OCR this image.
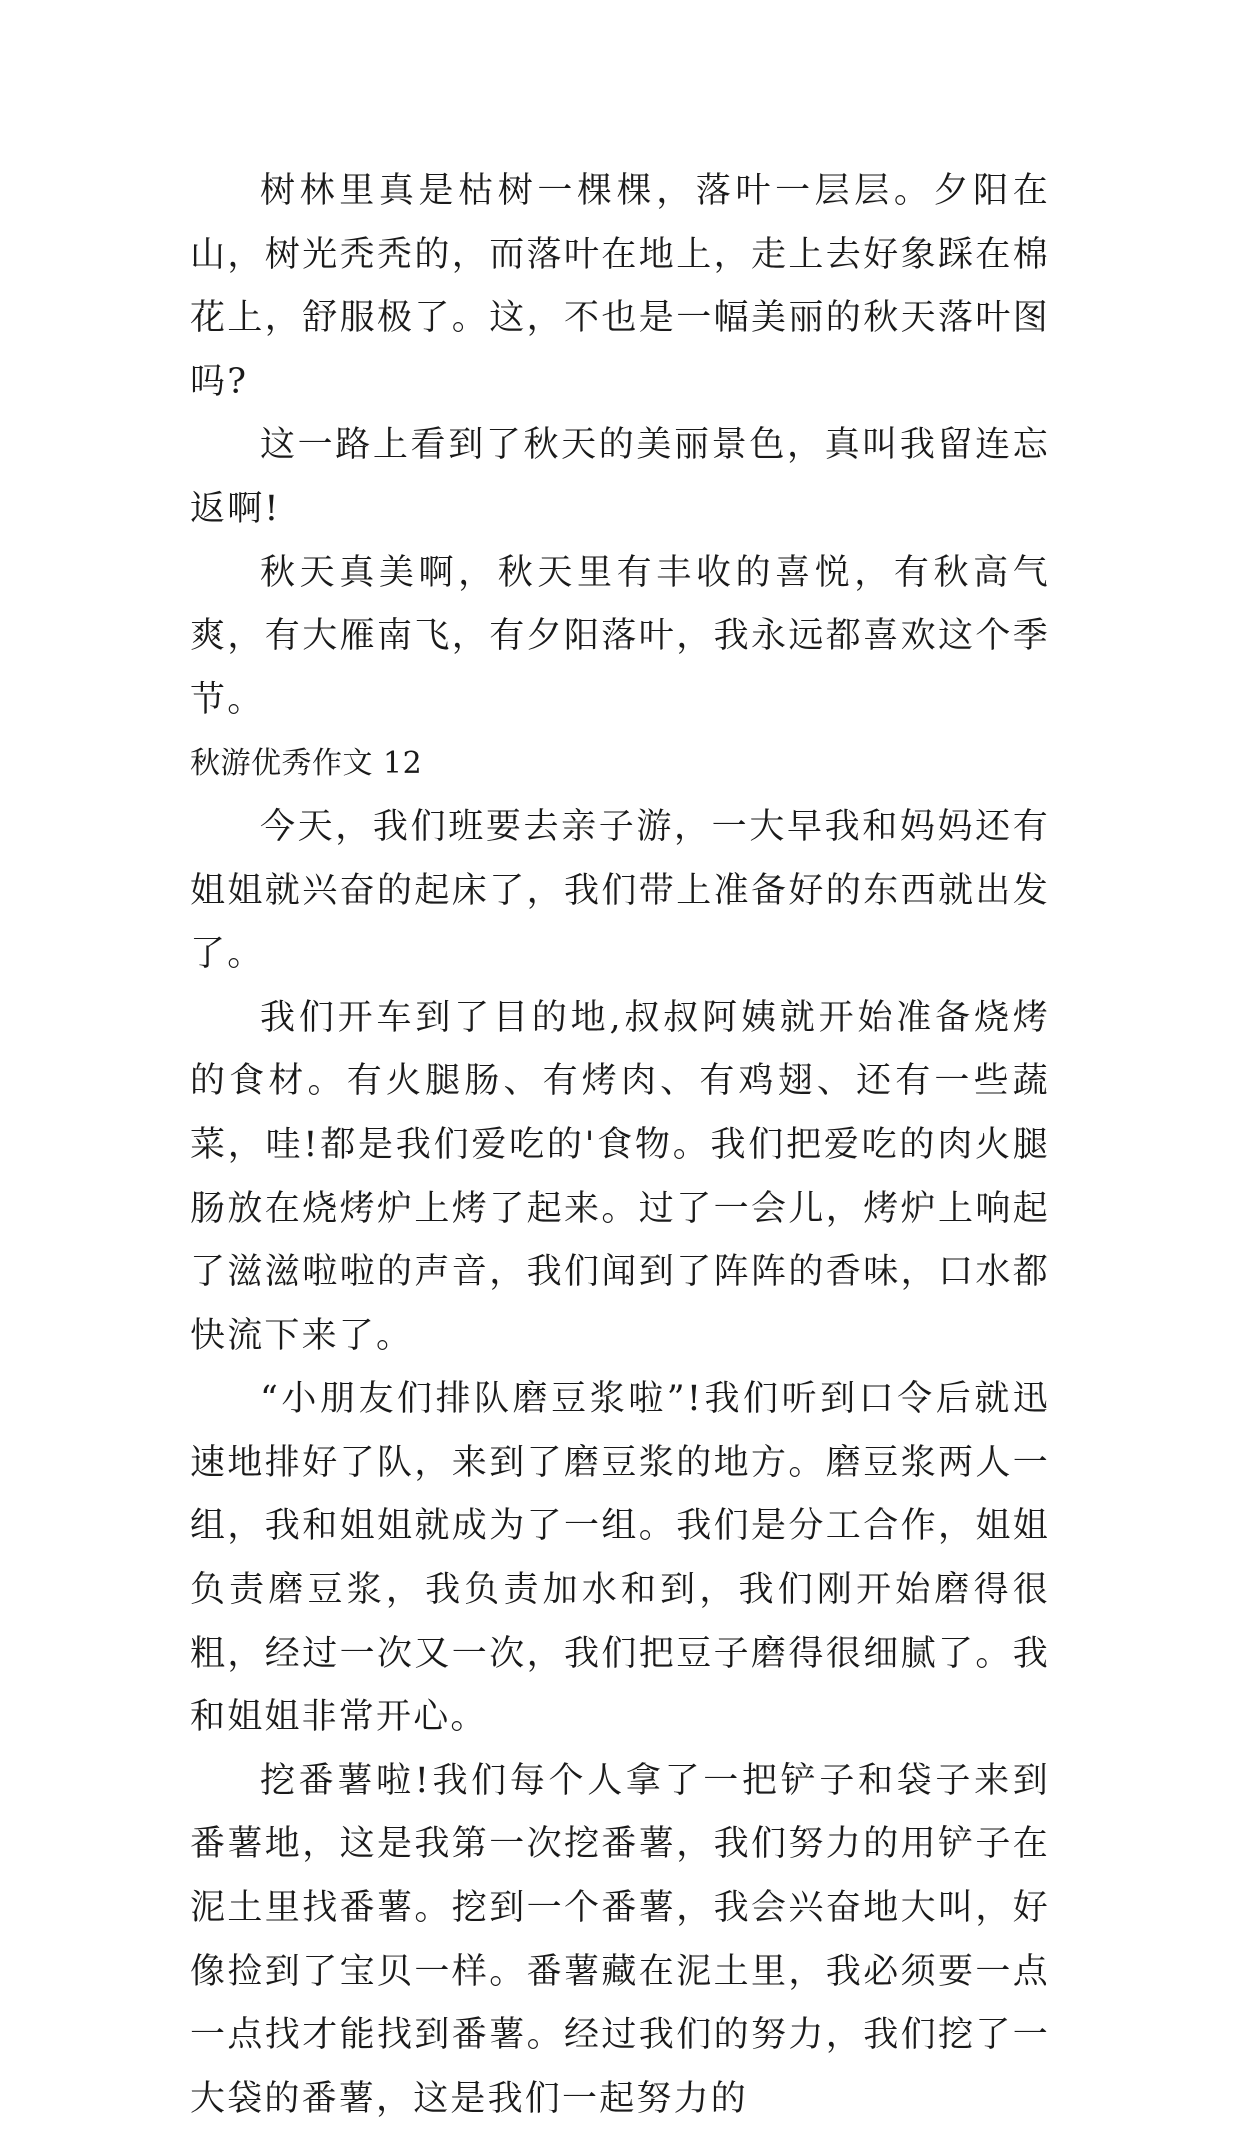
树林里真是枯树一棵棵，落叶一层层。夕阳在山，树光秃秃的，而落叶在地上，走上去好象踩在棉花上，舒服极了。这，不也是一幅美丽的秋天落叶图吗?

这一路上看到了秋天的美丽景色，真叫我留连忘返啊!

秋天真美啊，秋天里有丰收的喜悦，有秋高气爽，有大雁南飞，有夕阳落叶，我永远都喜欢这个季节。

秋游优秀作文 12

今天，我们班要去亲子游，一大早我和妈妈还有姐姐就兴奋的起床了，我们带上准备好的东西就出发了。

我们开车到了目的地,叔叔阿姨就开始准备烧烤的食材。有火腿肠、有烤肉、有鸡翅、还有一些蔬菜，哇!都是我们爱吃的'食物。我们把爱吃的肉火腿肠放在烧烤炉上烤了起来。过了一会儿，烤炉上响起了滋滋啦啦的声音，我们闻到了阵阵的香味，口水都快流下来了。

“小朋友们排队磨豆浆啦”!我们听到口令后就迅速地排好了队，来到了磨豆浆的地方。磨豆浆两人一组，我和姐姐就成为了一组。我们是分工合作，姐姐负责磨豆浆，我负责加水和到，我们刚开始磨得很粗，经过一次又一次，我们把豆子磨得很细腻了。我和姐姐非常开心。

挖番薯啦!我们每个人拿了一把铲子和袋子来到番薯地，这是我第一次挖番薯，我们努力的用铲子在泥土里找番薯。挖到一个番薯，我会兴奋地大叫，好像捡到了宝贝一样。番薯藏在泥土里，我必须要一点一点找才能找到番薯。经过我们的努力，我们挖了一大袋的番薯，这是我们一起努力的
